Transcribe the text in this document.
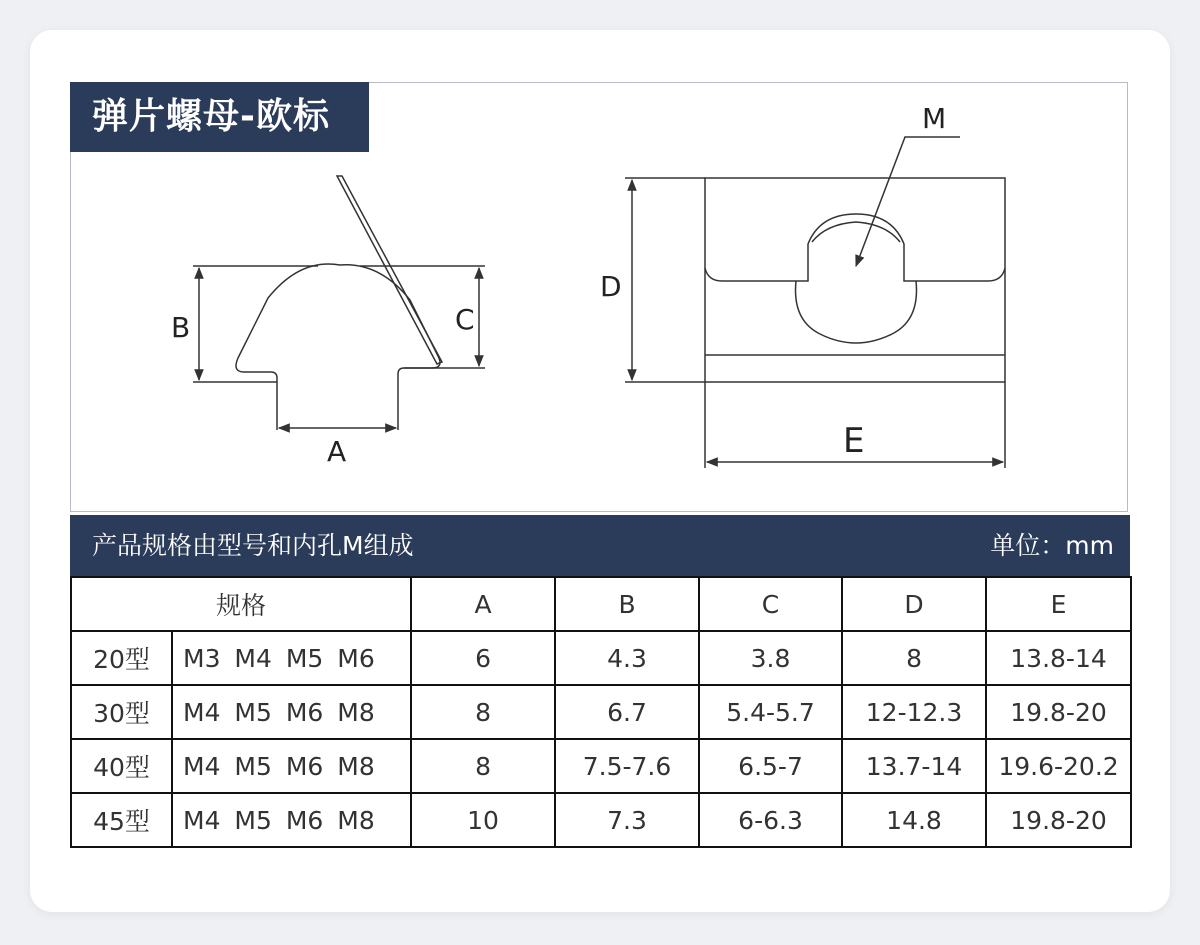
B	C
A
D
E
M
弹片螺母-欧标
产品规格由型号和内孔M组成	单位：mm
规格		A	B	C	D	E
20型	M3 M4 M5 M6	6	4.3	3.8	8	13.8-14
30型	M4 M5 M6 M8	8	6.7	5.4-5.7	12-12.3	19.8-20
40型	M4 M5 M6 M8	8	7.5-7.6	6.5-7	13.7-14	19.6-20.2
45型	M4 M5 M6 M8	10	7.3	6-6.3	14.8	19.8-20
